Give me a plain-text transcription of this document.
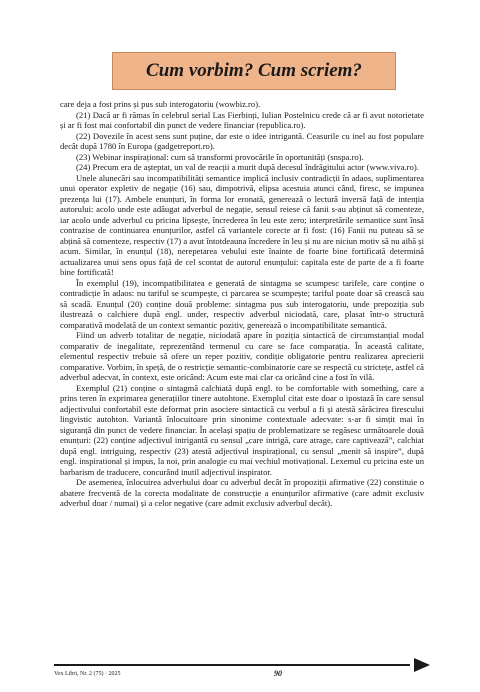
Cum vorbim? Cum scriem?

care deja a fost prins și pus sub interogatoriu (wowbiz.ro).

(21) Dacă ar fi rămas în celebrul serial Las Fierbinți, Iulian Postelnicu crede că ar fi avut notorietate și ar fi fost mai confortabil din punct de vedere financiar (republica.ro).

(22) Dovezile în acest sens sunt puține, dar este o idee intrigantă. Ceasurile cu inel au fost populare decât după 1780 în Europa (gadgetreport.ro).

(23) Webinar inspirațional: cum să transformi provocările în oportunități (snspa.ro).

(24) Precum era de așteptat, un val de reacții a murit după decesul îndrăgitului actor (www.viva.ro).

Unele alunecări sau incompatibilități semantice implică inclusiv contradicții în adaos, suplimentarea unui operator expletiv de negație (16) sau, dimpotrivă, elipsa acestuia atunci când, firesc, se impunea prezența lui (17). Ambele enunțuri, în forma lor eronată, generează o lectură inversă față de intenția autorului: acolo unde este adăugat adverbul de negație, sensul reiese că fanii s-au abținut să comenteze, iar acolo unde adverbul cu pricina lipsește, încrederea în leu este zero; interpretările semantice sunt însă contrazise de continuarea enunțurilor, astfel că variantele corecte ar fi fost: (16) Fanii nu puteau să se abțină să comenteze, respectiv (17) a avut întotdeauna încredere în leu și nu are niciun motiv să nu aibă și acum. Similar, în enunțul (18), nerepetarea vebului este înainte de foarte bine fortificată determină actualizarea unui sens opus față de cel scontat de autorul enunțului: capitala este de parte de a fi foarte bine fortificată!

În exemplul (19), incompatibilitatea e generată de sintagma se scumpesc tarifele, care conține o contradicție în adaos: nu tariful se scumpește, ci parcarea se scumpește; tariful poate doar să crească sau să scadă. Enunțul (20) conține două probleme: sintagma pus sub interogatoriu, unde prepoziția sub ilustrează o calchiere după engl. under, respectiv adverbul niciodată, care, plasat într-o structură comparativă modelată de un context semantic pozitiv, generează o incompatibilitate semantică.

Fiind un adverb totalitar de negație, niciodată apare în poziția sintactică de circumstanțial modal comparativ de inegalitate, reprezentând termenul cu care se face comparația. În această calitate, elementul respectiv trebuie să ofere un reper pozitiv, condiție obligatorie pentru realizarea aprecierii comparative. Vorbim, în speță, de o restricție semantic-combinatorie care se respectă cu strictețe, astfel că adverbul adecvat, în context, este oricând: Acum este mai clar ca oricând cine a fost în vilă.

Exemplul (21) conține o sintagmă calchiată după engl. to be comfortable with something, care a prins teren în exprimarea generațiilor tinere autohtone. Exemplul citat este doar o ipostază în care sensul adjectivului confortabil este deformat prin asociere sintactică cu verbul a fi și atestă sărăcirea firescului lingvistic autohton. Variantă înlocuitoare prin sinonime contextuale adecvate: s-ar fi simțit mai în siguranță din punct de vedere financiar. În același spațiu de problematizare se regăsesc următoarele două enunțuri: (22) conține adjectivul intrigantă cu sensul „care intrigă, care atrage, care captivează”, calchiat după engl. intriguing, respectiv (23) atestă adjectivul inspirațional, cu sensul „menit să inspire”, după engl. inspirational și impus, la noi, prin analogie cu mai vechiul motivațional. Lexemul cu pricina este un barbarism de traducere, concurând inutil adjectivul inspirator.

De asemenea, înlocuirea adverbului doar cu adverbul decât în propoziții afirmative (22) constituie o abatere frecventă de la corecta modalitate de construcție a enunțurilor afirmative (care admit exclusiv adverbul doar / numai) și a celor negative (care admit exclusiv adverbul decât).

Vox Libri, Nr. 2 (75) · 2025	90
